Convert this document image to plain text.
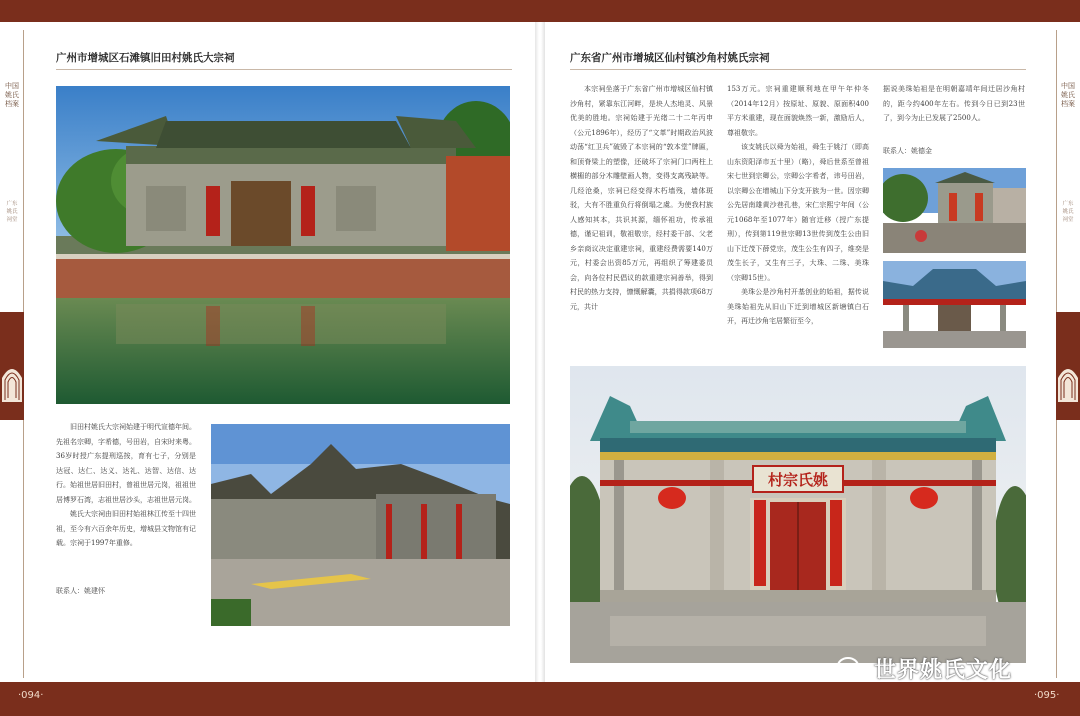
中国姚氏档案
广东姚氏祠堂
中国姚氏档案
广东姚氏祠堂
广州市增城区石滩镇旧田村姚氏大宗祠

旧田村姚氏大宗祠始建于明代宣德年间。先祖名宗卿，字希德，号田岩，自宋时来粤。36岁时授广东提刑巡按，育有七子，分别是达冠、达仁、达义、达礼、达智、达信、达行。始祖世居旧田村，曾祖世居元岗，祖祖世居博罗石湾，志祖世居沙头，志祖世居元岗。

姚氏大宗祠由旧田村始祖林江传至十四世祖，至今有六百余年历史，增城县文物馆有记载。宗祠于1997年重修。

联系人：姚建怀
广东省广州市增城区仙村镇沙角村姚氏宗祠

本宗祠坐落于广东省广州市增城区仙村镇沙角村，紧靠东江河畔，是块人杰地灵、风景优美的胜地。宗祠始建于光绪二十二年丙申（公元1896年），经历了“文革”时期政治风波动荡“红卫兵”破毁了本宗祠的“敦本堂”牌匾，和顶脊梁上的塑像，还破坏了宗祠门口两柱上横楣的部分木雕壁画人物，变得支离残缺等。几经沧桑，宗祠已经变得木朽墙残，墙体斑驳，大有不胜重负行将倒塌之虞。为使我村族人感知其本，共识其源，缅怀祖功，传承祖德，谨记祖训，敬祖敬宗，经村委干部、父老乡亲商议决定重建宗祠，重建经费需要140万元，村委会出资85万元，再组织了筹建委员会，向各位村民倡议的款重建宗祠善举，得到村民的热力支持，慷慨解囊，共捐得款项68万元，共计

153万元。宗祠重建顺利地在甲午年仲冬（2014年12月）按原址、原貌、原面积400平方米重建，现在面貌焕然一新，激励后人，尊祖敬宗。

该支姚氏以舜为始祖，舜生于姚汀（即高山东资阳泽市五十里）（略），舜后世系至曾祖宋七世到宗卿公，宗卿公字希者，讳号田岩，以宗卿公在增城山下分支开族为一世。因宗卿公先居南雄黄沙巷孔巷，宋仁宗熙宁年间（公元1068年至1077年）随官迁移（授广东提刑），传到第119世宗卿13世传到茂生公由旧山下迁茂下薛党宗，茂生公生有四子，维奕是茂生长子，又生有三子，大珠、二珠、美珠（宗卿15世）。

美珠公是沙角村开基创业的始祖，据传说美珠始祖先从旧山下迁到增城区新塘镇白石开，再迁沙角宅居繁衍至今，

据说美珠始祖是在明朝嘉靖年间迁居沙角村的，距今约400年左右。传到今日已到23世了，到今为止已发展了2500人。

联系人：姚德金
村宗氏姚
·094·	·095·
世界姚氏文化
